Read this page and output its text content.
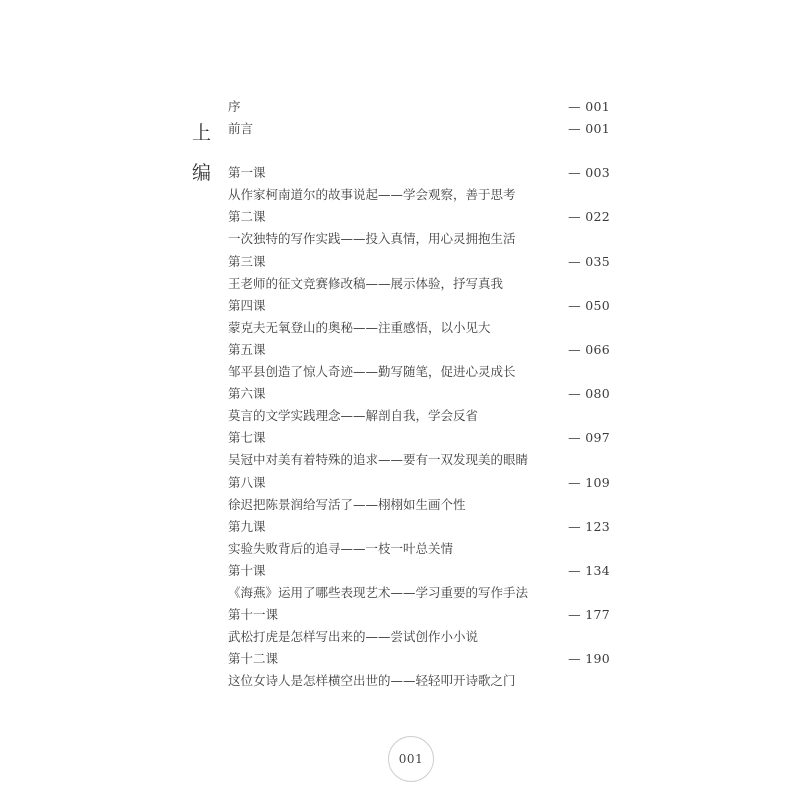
上
编
序	— 001
前言	— 001
第一课	— 003
从作家柯南道尔的故事说起——学会观察，善于思考
第二课	— 022
一次独特的写作实践——投入真情，用心灵拥抱生活
第三课	— 035
王老师的征文竞赛修改稿——展示体验，抒写真我
第四课	— 050
蒙克夫无氧登山的奥秘——注重感悟，以小见大
第五课	— 066
邹平县创造了惊人奇迹——勤写随笔，促进心灵成长
第六课	— 080
莫言的文学实践理念——解剖自我，学会反省
第七课	— 097
吴冠中对美有着特殊的追求——要有一双发现美的眼睛
第八课	— 109
徐迟把陈景润给写活了——栩栩如生画个性
第九课	— 123
实验失败背后的追寻——一枝一叶总关情
第十课	— 134
《海燕》运用了哪些表现艺术——学习重要的写作手法
第十一课	— 177
武松打虎是怎样写出来的——尝试创作小小说
第十二课	— 190
这位女诗人是怎样横空出世的——轻轻叩开诗歌之门
001
